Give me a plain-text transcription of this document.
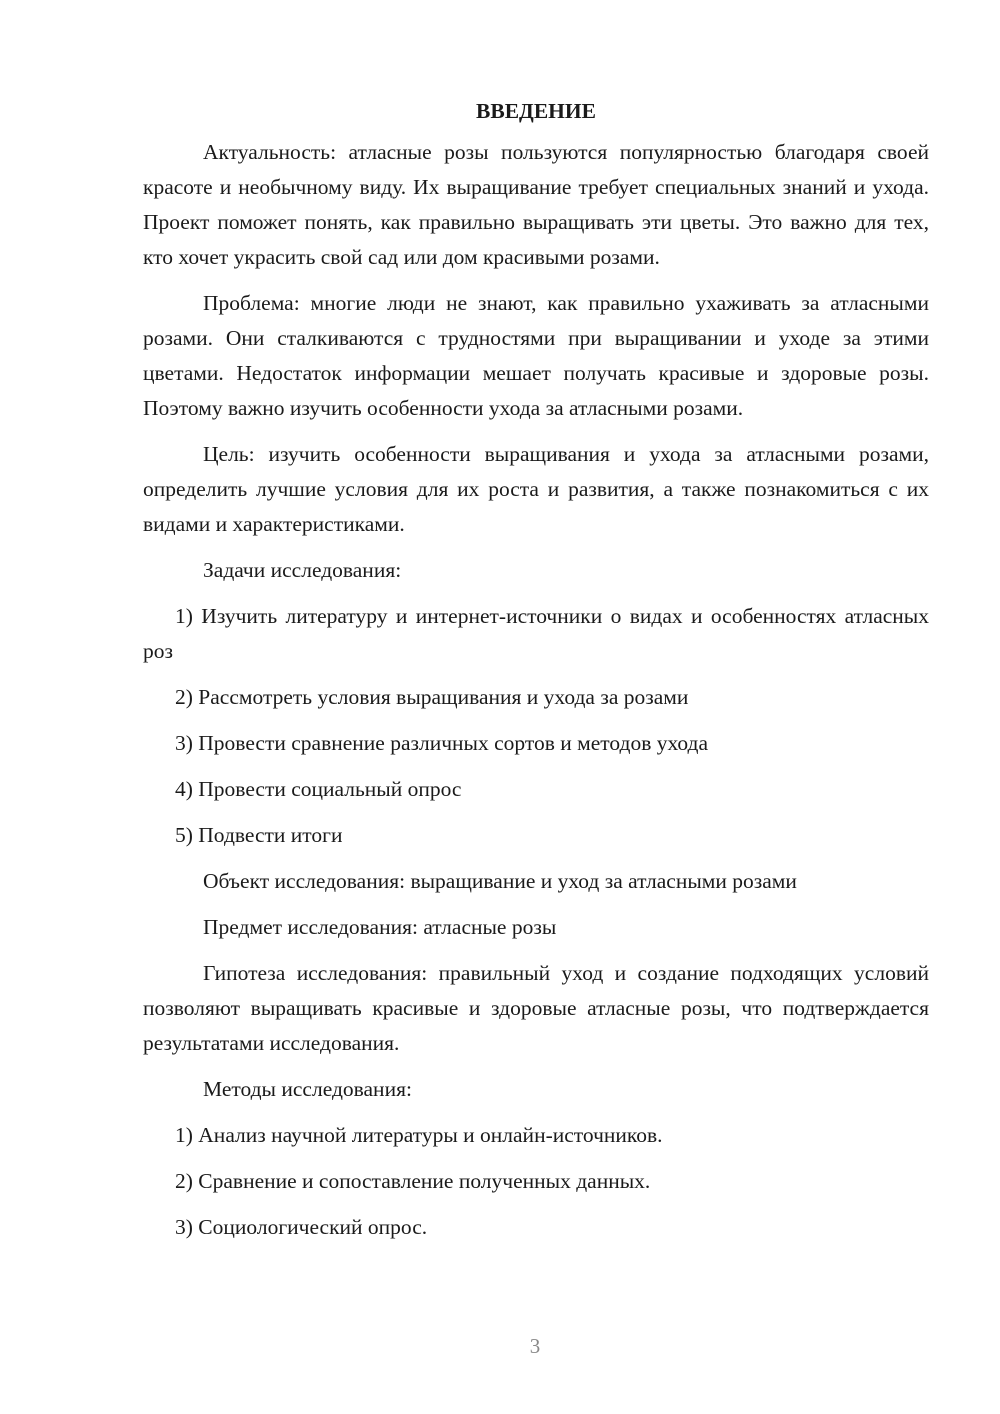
ВВЕДЕНИЕ

Актуальность: атласные розы пользуются популярностью благодаря своей красоте и необычному виду. Их выращивание требует специальных знаний и ухода. Проект поможет понять, как правильно выращивать эти цветы. Это важно для тех, кто хочет украсить свой сад или дом красивыми розами.

Проблема: многие люди не знают, как правильно ухаживать за атласными розами. Они сталкиваются с трудностями при выращивании и уходе за этими цветами. Недостаток информации мешает получать красивые и здоровые розы. Поэтому важно изучить особенности ухода за атласными розами.

Цель: изучить особенности выращивания и ухода за атласными розами, определить лучшие условия для их роста и развития, а также познакомиться с их видами и характеристиками.

Задачи исследования:
1) Изучить литературу и интернет-источники о видах и особенностях атласных роз
2) Рассмотреть условия выращивания и ухода за розами
3) Провести сравнение различных сортов и методов ухода
4) Провести социальный опрос
5) Подвести итоги
Объект исследования: выращивание и уход за атласными розами
Предмет исследования: атласные розы

Гипотеза исследования: правильный уход и создание подходящих условий позволяют выращивать красивые и здоровые атласные розы, что подтверждается результатами исследования.

Методы исследования:
1) Анализ научной литературы и онлайн-источников.
2) Сравнение и сопоставление полученных данных.
3) Социологический опрос.
3
